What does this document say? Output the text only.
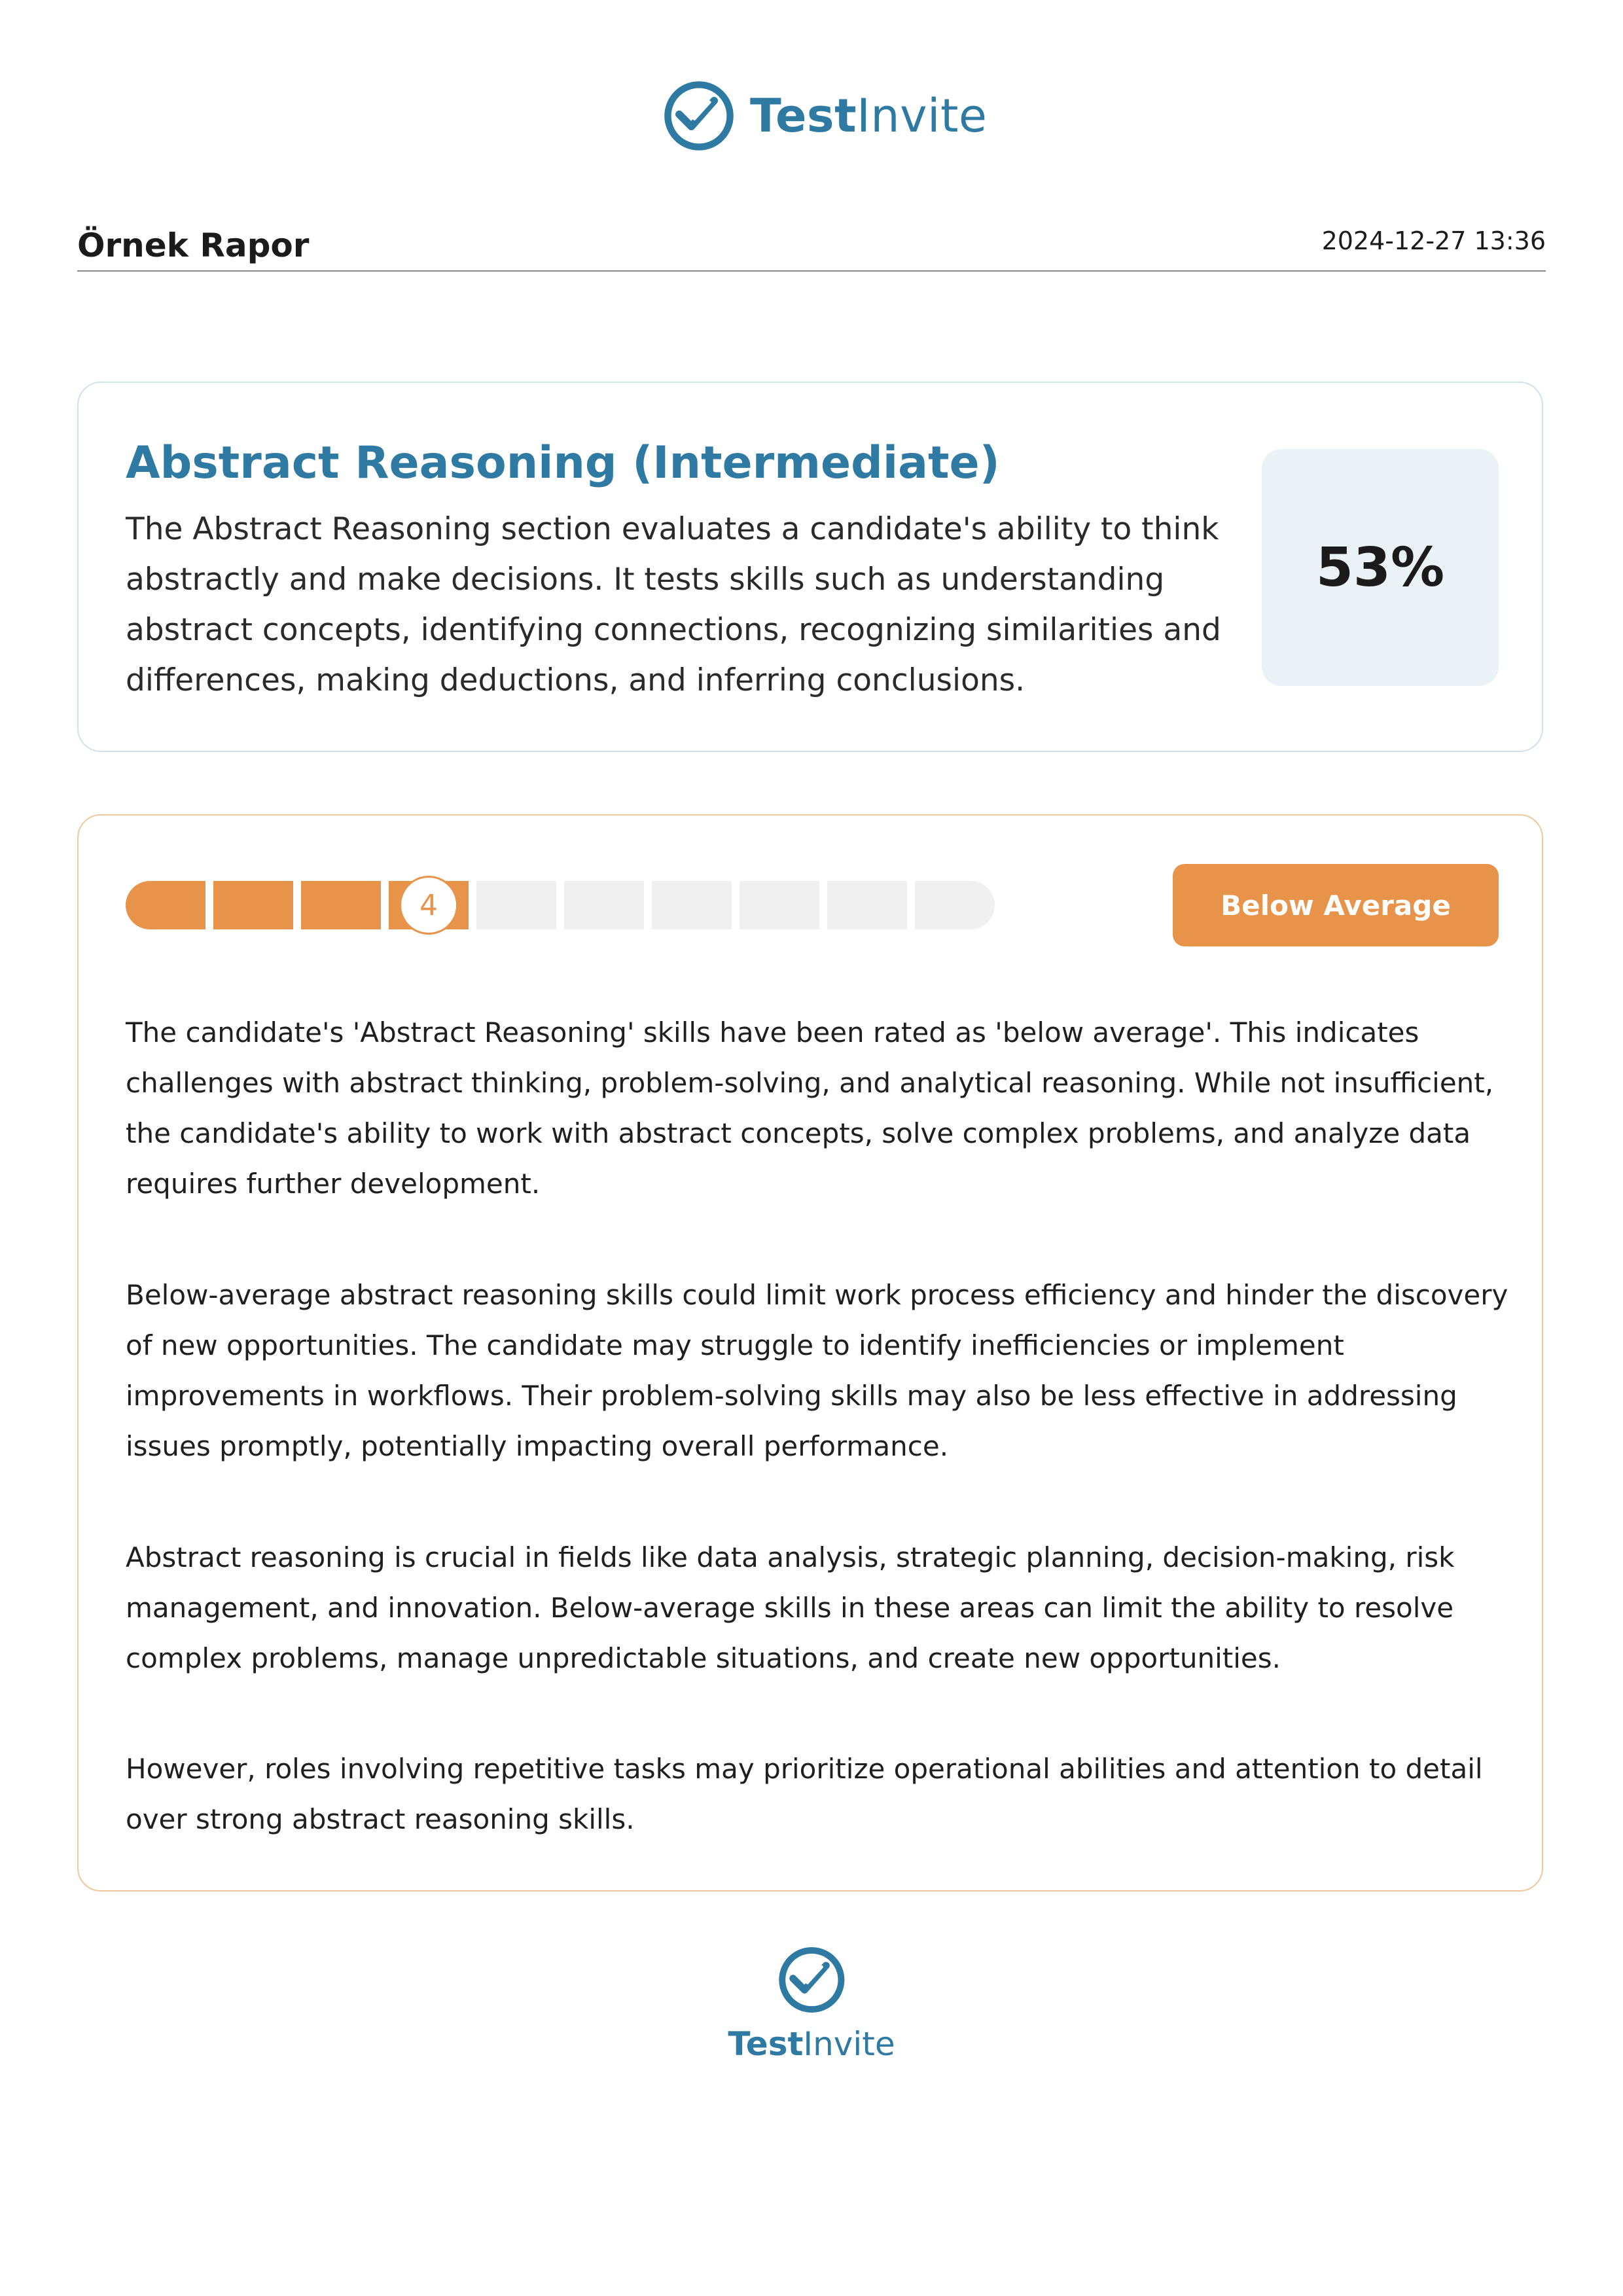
TestInvite
Örnek Rapor	2024-12-27 13:36
Abstract Reasoning (Intermediate)
The Abstract Reasoning section evaluates a candidate's ability to think abstractly and make decisions. It tests skills such as understanding abstract concepts, identifying connections, recognizing similarities and differences, making deductions, and inferring conclusions.
53%
4	Below Average
The candidate's 'Abstract Reasoning' skills have been rated as 'below average'. This indicates challenges with abstract thinking, problem-solving, and analytical reasoning. While not insufficient, the candidate's ability to work with abstract concepts, solve complex problems, and analyze data requires further development.
Below-average abstract reasoning skills could limit work process efficiency and hinder the discovery of new opportunities. The candidate may struggle to identify inefficiencies or implement improvements in workflows. Their problem-solving skills may also be less effective in addressing issues promptly, potentially impacting overall performance.
Abstract reasoning is crucial in fields like data analysis, strategic planning, decision-making, risk management, and innovation. Below-average skills in these areas can limit the ability to resolve complex problems, manage unpredictable situations, and create new opportunities.
However, roles involving repetitive tasks may prioritize operational abilities and attention to detail over strong abstract reasoning skills.
TestInvite
